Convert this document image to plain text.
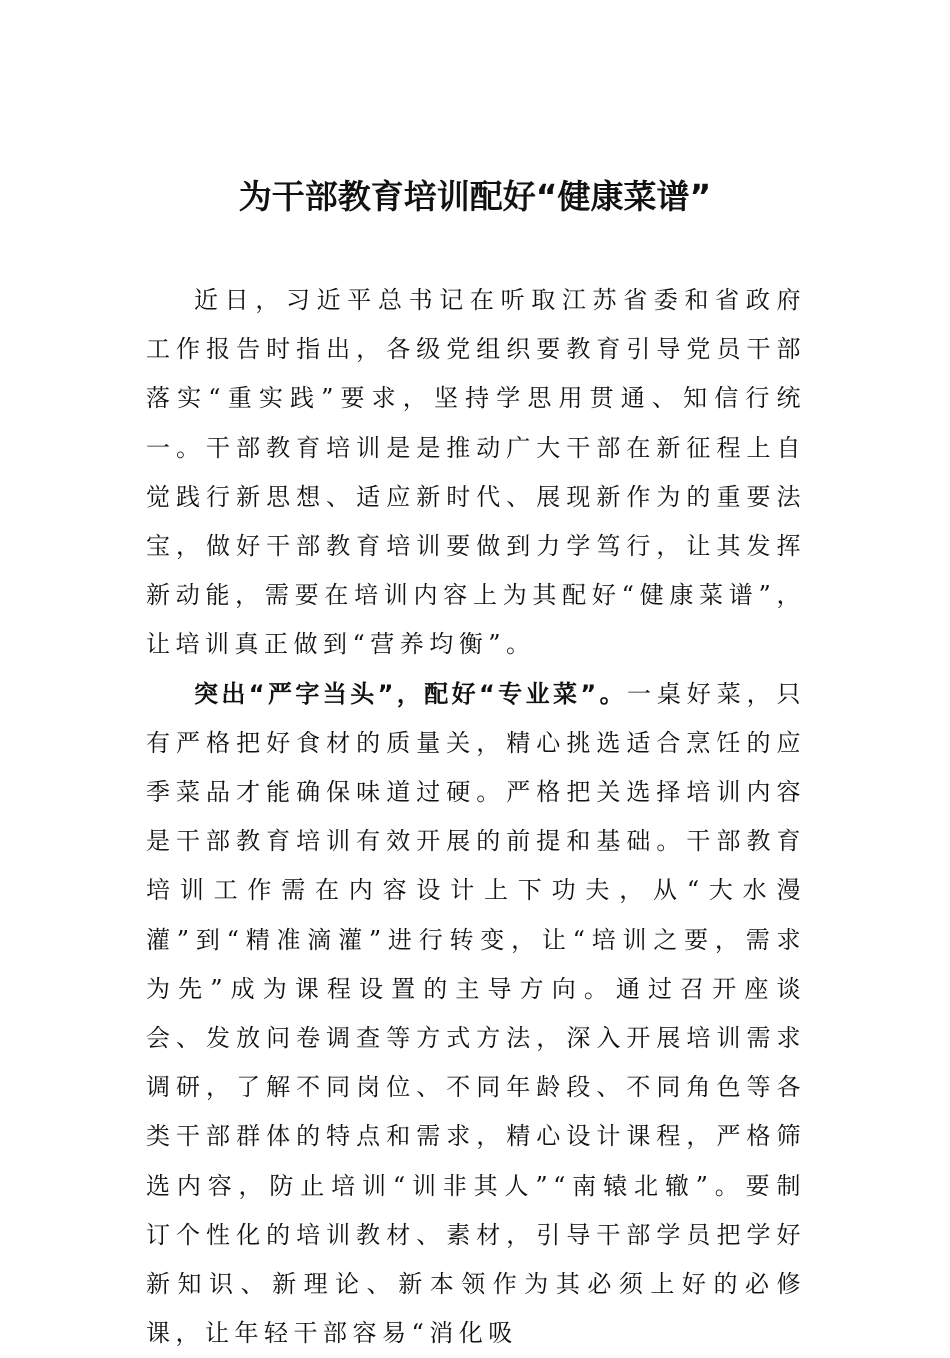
为干部教育培训配好“健康菜谱”

近日，习近平总书记在听取江苏省委和省政府工作报告时指出，各级党组织要教育引导党员干部落实“重实践”要求，坚持学思用贯通、知信行统一。干部教育培训是是推动广大干部在新征程上自觉践行新思想、适应新时代、展现新作为的重要法宝，做好干部教育培训要做到力学笃行，让其发挥新动能，需要在培训内容上为其配好“健康菜谱”，让培训真正做到“营养均衡”。

突出“严字当头”，配好“专业菜”。一桌好菜，只有严格把好食材的质量关，精心挑选适合烹饪的应季菜品才能确保味道过硬。严格把关选择培训内容是干部教育培训有效开展的前提和基础。干部教育培训工作需在内容设计上下功夫，从“大水漫灌”到“精准滴灌”进行转变，让“培训之要，需求为先”成为课程设置的主导方向。通过召开座谈会、发放问卷调查等方式方法，深入开展培训需求调研，了解不同岗位、不同年龄段、不同角色等各类干部群体的特点和需求，精心设计课程，严格筛选内容，防止培训“训非其人”“南辕北辙”。要制订个性化的培训教材、素材，引导干部学员把学好新知识、新理论、新本领作为其必须上好的必修课，让年轻干部容易“消化吸
